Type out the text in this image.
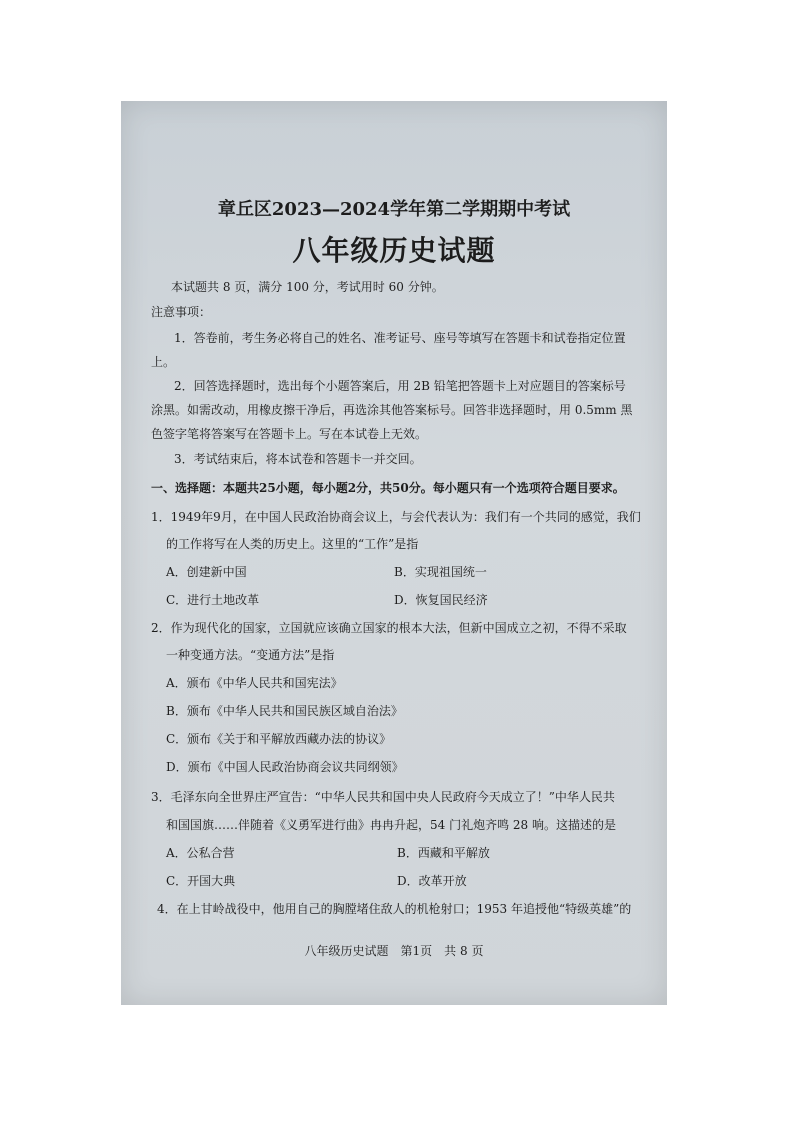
章丘区2023—2024学年第二学期期中考试
八年级历史试题
本试题共 8 页，满分 100 分，考试用时 60 分钟。
注意事项：
1．答卷前，考生务必将自己的姓名、准考证号、座号等填写在答题卡和试卷指定位置
上。
2．回答选择题时，选出每个小题答案后，用 2B 铅笔把答题卡上对应题目的答案标号
涂黑。如需改动，用橡皮擦干净后，再选涂其他答案标号。回答非选择题时，用 0.5mm 黑
色签字笔将答案写在答题卡上。写在本试卷上无效。
3．考试结束后，将本试卷和答题卡一并交回。
一、选择题：本题共25小题，每小题2分，共50分。每小题只有一个选项符合题目要求。
1．1949年9月，在中国人民政治协商会议上，与会代表认为：我们有一个共同的感觉，我们
的工作将写在人类的历史上。这里的“工作”是指
A．创建新中国	B．实现祖国统一
C．进行土地改革	D．恢复国民经济
2．作为现代化的国家，立国就应该确立国家的根本大法，但新中国成立之初，不得不采取
一种变通方法。“变通方法”是指
A．颁布《中华人民共和国宪法》
B．颁布《中华人民共和国民族区域自治法》
C．颁布《关于和平解放西藏办法的协议》
D．颁布《中国人民政治协商会议共同纲领》
3．毛泽东向全世界庄严宣告：“中华人民共和国中央人民政府今天成立了！”中华人民共
和国国旗……伴随着《义勇军进行曲》冉冉升起，54 门礼炮齐鸣 28 响。这描述的是
A．公私合营	B．西藏和平解放
C．开国大典	D．改革开放
4．在上甘岭战役中，他用自己的胸膛堵住敌人的机枪射口；1953 年追授他“特级英雄”的
八年级历史试题　第1页　共 8 页
